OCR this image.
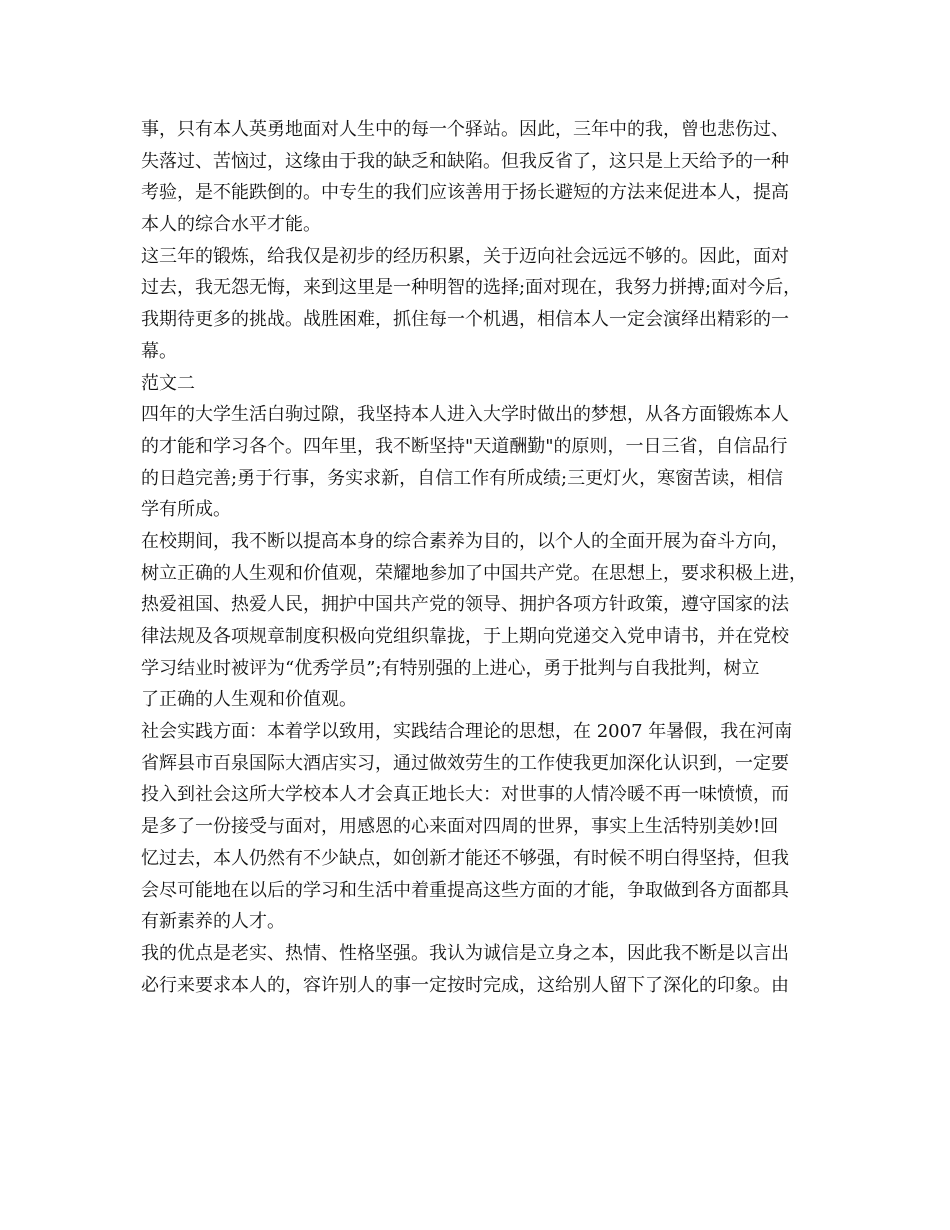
事，只有本人英勇地面对人生中的每一个驿站。因此，三年中的我，曾也悲伤过、
失落过、苦恼过，这缘由于我的缺乏和缺陷。但我反省了，这只是上天给予的一种
考验，是不能跌倒的。中专生的我们应该善用于扬长避短的方法来促进本人，提高
本人的综合水平才能。
这三年的锻炼，给我仅是初步的经历积累，关于迈向社会远远不够的。因此，面对
过去，我无怨无悔，来到这里是一种明智的选择;面对现在，我努力拼搏;面对今后，
我期待更多的挑战。战胜困难，抓住每一个机遇，相信本人一定会演绎出精彩的一
幕。
范文二
四年的大学生活白驹过隙，我坚持本人进入大学时做出的梦想，从各方面锻炼本人
的才能和学习各个。四年里，我不断坚持"天道酬勤"的原则，一日三省，自信品行
的日趋完善;勇于行事，务实求新，自信工作有所成绩;三更灯火，寒窗苦读，相信
学有所成。
在校期间，我不断以提高本身的综合素养为目的，以个人的全面开展为奋斗方向，
树立正确的人生观和价值观，荣耀地参加了中国共产党。在思想上，要求积极上进，
热爱祖国、热爱人民，拥护中国共产党的领导、拥护各项方针政策，遵守国家的法
律法规及各项规章制度积极向党组织靠拢，于上期向党递交入党申请书，并在党校
学习结业时被评为“优秀学员”;有特别强的上进心，勇于批判与自我批判，树立
了正确的人生观和价值观。
社会实践方面：本着学以致用，实践结合理论的思想，在 2007 年暑假，我在河南
省辉县市百泉国际大酒店实习，通过做效劳生的工作使我更加深化认识到，一定要
投入到社会这所大学校本人才会真正地长大：对世事的人情冷暖不再一味愤愤，而
是多了一份接受与面对，用感恩的心来面对四周的世界，事实上生活特别美妙!回
忆过去，本人仍然有不少缺点，如创新才能还不够强，有时候不明白得坚持，但我
会尽可能地在以后的学习和生活中着重提高这些方面的才能，争取做到各方面都具
有新素养的人才。
我的优点是老实、热情、性格坚强。我认为诚信是立身之本，因此我不断是以言出
必行来要求本人的，容许别人的事一定按时完成，这给别人留下了深化的印象。由
